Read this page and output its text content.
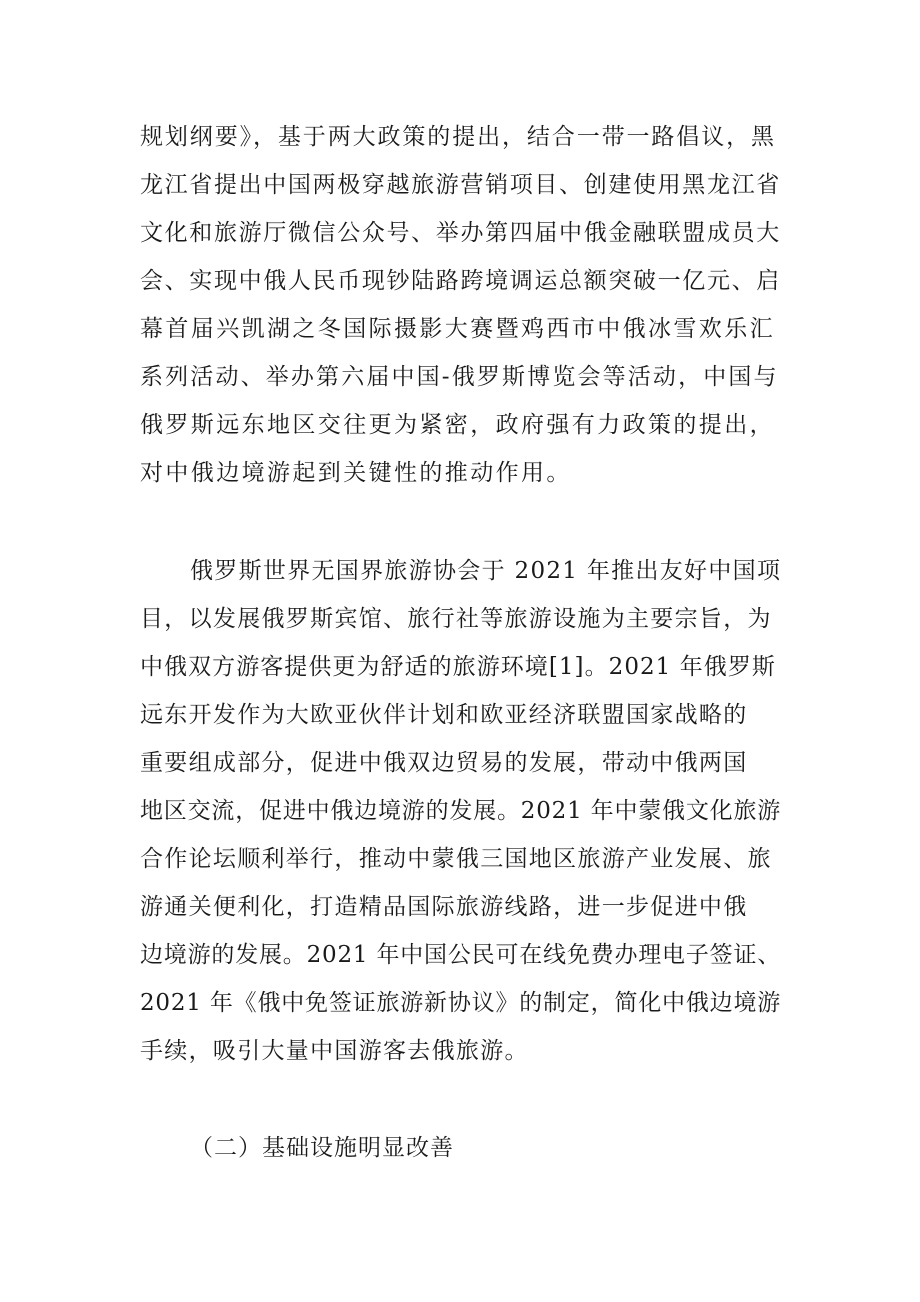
规划纲要》，基于两大政策的提出，结合一带一路倡议，黑
龙江省提出中国两极穿越旅游营销项目、创建使用黑龙江省
文化和旅游厅微信公众号、举办第四届中俄金融联盟成员大
会、实现中俄人民币现钞陆路跨境调运总额突破一亿元、启
幕首届兴凯湖之冬国际摄影大赛暨鸡西市中俄冰雪欢乐汇
系列活动、举办第六届中国-俄罗斯博览会等活动，中国与
俄罗斯远东地区交往更为紧密，政府强有力政策的提出，
对中俄边境游起到关键性的推动作用。
俄罗斯世界无国界旅游协会于 2021 年推出友好中国项
目，以发展俄罗斯宾馆、旅行社等旅游设施为主要宗旨，为
中俄双方游客提供更为舒适的旅游环境[1]。2021 年俄罗斯
远东开发作为大欧亚伙伴计划和欧亚经济联盟国家战略的
重要组成部分，促进中俄双边贸易的发展，带动中俄两国
地区交流，促进中俄边境游的发展。2021 年中蒙俄文化旅游
合作论坛顺利举行，推动中蒙俄三国地区旅游产业发展、旅
游通关便利化，打造精品国际旅游线路，进一步促进中俄
边境游的发展。2021 年中国公民可在线免费办理电子签证、
2021 年《俄中免签证旅游新协议》的制定，简化中俄边境游
手续，吸引大量中国游客去俄旅游。
（二）基础设施明显改善
